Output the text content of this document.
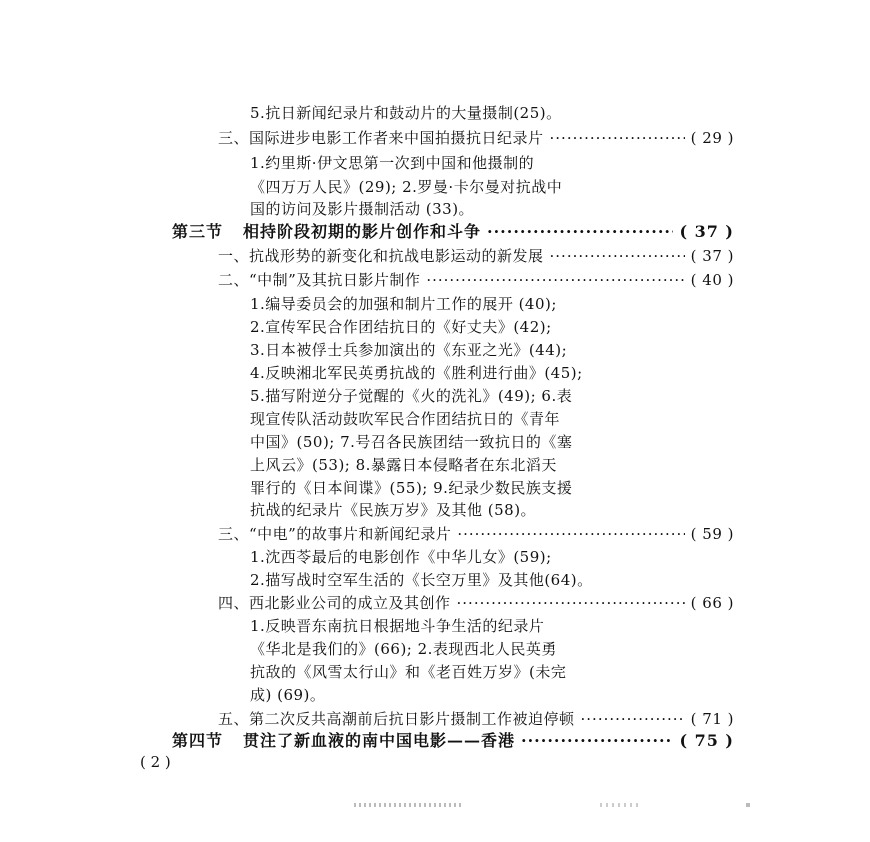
5.抗日新闻纪录片和鼓动片的大量摄制(25)。
三、国际进步电影工作者来中国拍摄抗日纪录片 ·····	( 29 )
1.约里斯·伊文思第一次到中国和他摄制的
《四万万人民》(29); 2.罗曼·卡尔曼对抗战中
国的访问及影片摄制活动 (33)。
第三节 相持阶段初期的影片创作和斗争 ·····	( 37 )
一、抗战形势的新变化和抗战电影运动的新发展 ·····	( 37 )
二、“中制”及其抗日影片制作 ·····	( 40 )
1.编导委员会的加强和制片工作的展开 (40);
2.宣传军民合作团结抗日的《好丈夫》(42);
3.日本被俘士兵参加演出的《东亚之光》(44);
4.反映湘北军民英勇抗战的《胜利进行曲》(45);
5.描写附逆分子觉醒的《火的洗礼》(49); 6.表
现宣传队活动鼓吹军民合作团结抗日的《青年
中国》(50); 7.号召各民族团结一致抗日的《塞
上风云》(53); 8.暴露日本侵略者在东北滔天
罪行的《日本间谍》(55); 9.纪录少数民族支援
抗战的纪录片《民族万岁》及其他 (58)。
三、“中电”的故事片和新闻纪录片 ·····	( 59 )
1.沈西苓最后的电影创作《中华儿女》(59);
2.描写战时空军生活的《长空万里》及其他(64)。
四、西北影业公司的成立及其创作 ·····	( 66 )
1.反映晋东南抗日根据地斗争生活的纪录片
《华北是我们的》(66); 2.表现西北人民英勇
抗敌的《风雪太行山》和《老百姓万岁》(未完
成) (69)。
五、第二次反共高潮前后抗日影片摄制工作被迫停顿 ·····	( 71 )
第四节 贯注了新血液的南中国电影——香港 ·····	( 75 )
( 2 )
